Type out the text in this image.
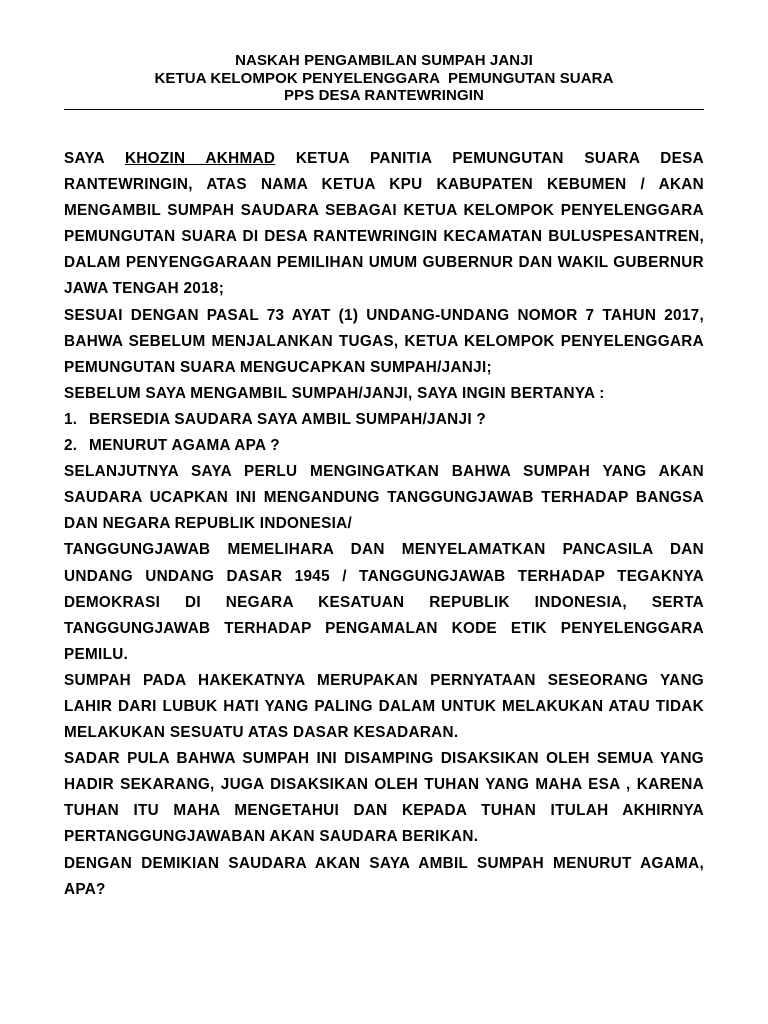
NASKAH PENGAMBILAN SUMPAH JANJI
KETUA KELOMPOK PENYELENGGARA  PEMUNGUTAN SUARA
PPS DESA RANTEWRINGIN

SAYA KHOZIN AKHMAD KETUA PANITIA PEMUNGUTAN SUARA DESA RANTEWRINGIN, ATAS NAMA KETUA KPU KABUPATEN KEBUMEN / AKAN MENGAMBIL SUMPAH SAUDARA SEBAGAI KETUA KELOMPOK PENYELENGGARA PEMUNGUTAN SUARA DI DESA RANTEWRINGIN KECAMATAN BULUSPESANTREN, DALAM PENYENGGARAAN PEMILIHAN UMUM GUBERNUR DAN WAKIL GUBERNUR JAWA TENGAH 2018;

SESUAI DENGAN PASAL 73 AYAT (1) UNDANG-UNDANG NOMOR 7 TAHUN 2017, BAHWA SEBELUM MENJALANKAN TUGAS, KETUA KELOMPOK PENYELENGGARA PEMUNGUTAN SUARA MENGUCAPKAN SUMPAH/JANJI;

SEBELUM SAYA MENGAMBIL SUMPAH/JANJI, SAYA INGIN BERTANYA :

1. BERSEDIA SAUDARA SAYA AMBIL SUMPAH/JANJI ?
2. MENURUT AGAMA APA ?

SELANJUTNYA SAYA PERLU MENGINGATKAN BAHWA SUMPAH YANG AKAN SAUDARA UCAPKAN INI MENGANDUNG TANGGUNGJAWAB TERHADAP BANGSA DAN NEGARA REPUBLIK INDONESIA/

TANGGUNGJAWAB MEMELIHARA DAN MENYELAMATKAN PANCASILA DAN UNDANG UNDANG DASAR 1945 / TANGGUNGJAWAB TERHADAP TEGAKNYA DEMOKRASI DI NEGARA KESATUAN REPUBLIK INDONESIA, SERTA TANGGUNGJAWAB TERHADAP PENGAMALAN KODE ETIK PENYELENGGARA PEMILU.

SUMPAH PADA HAKEKATNYA MERUPAKAN PERNYATAAN SESEORANG YANG LAHIR DARI LUBUK HATI YANG PALING DALAM UNTUK MELAKUKAN ATAU TIDAK MELAKUKAN SESUATU ATAS DASAR KESADARAN.

SADAR PULA BAHWA SUMPAH INI DISAMPING DISAKSIKAN OLEH SEMUA YANG HADIR SEKARANG, JUGA DISAKSIKAN OLEH TUHAN YANG MAHA ESA , KARENA TUHAN ITU MAHA MENGETAHUI DAN KEPADA TUHAN ITULAH AKHIRNYA PERTANGGUNGJAWABAN AKAN SAUDARA BERIKAN.

DENGAN DEMIKIAN SAUDARA AKAN SAYA AMBIL SUMPAH MENURUT AGAMA, APA?
